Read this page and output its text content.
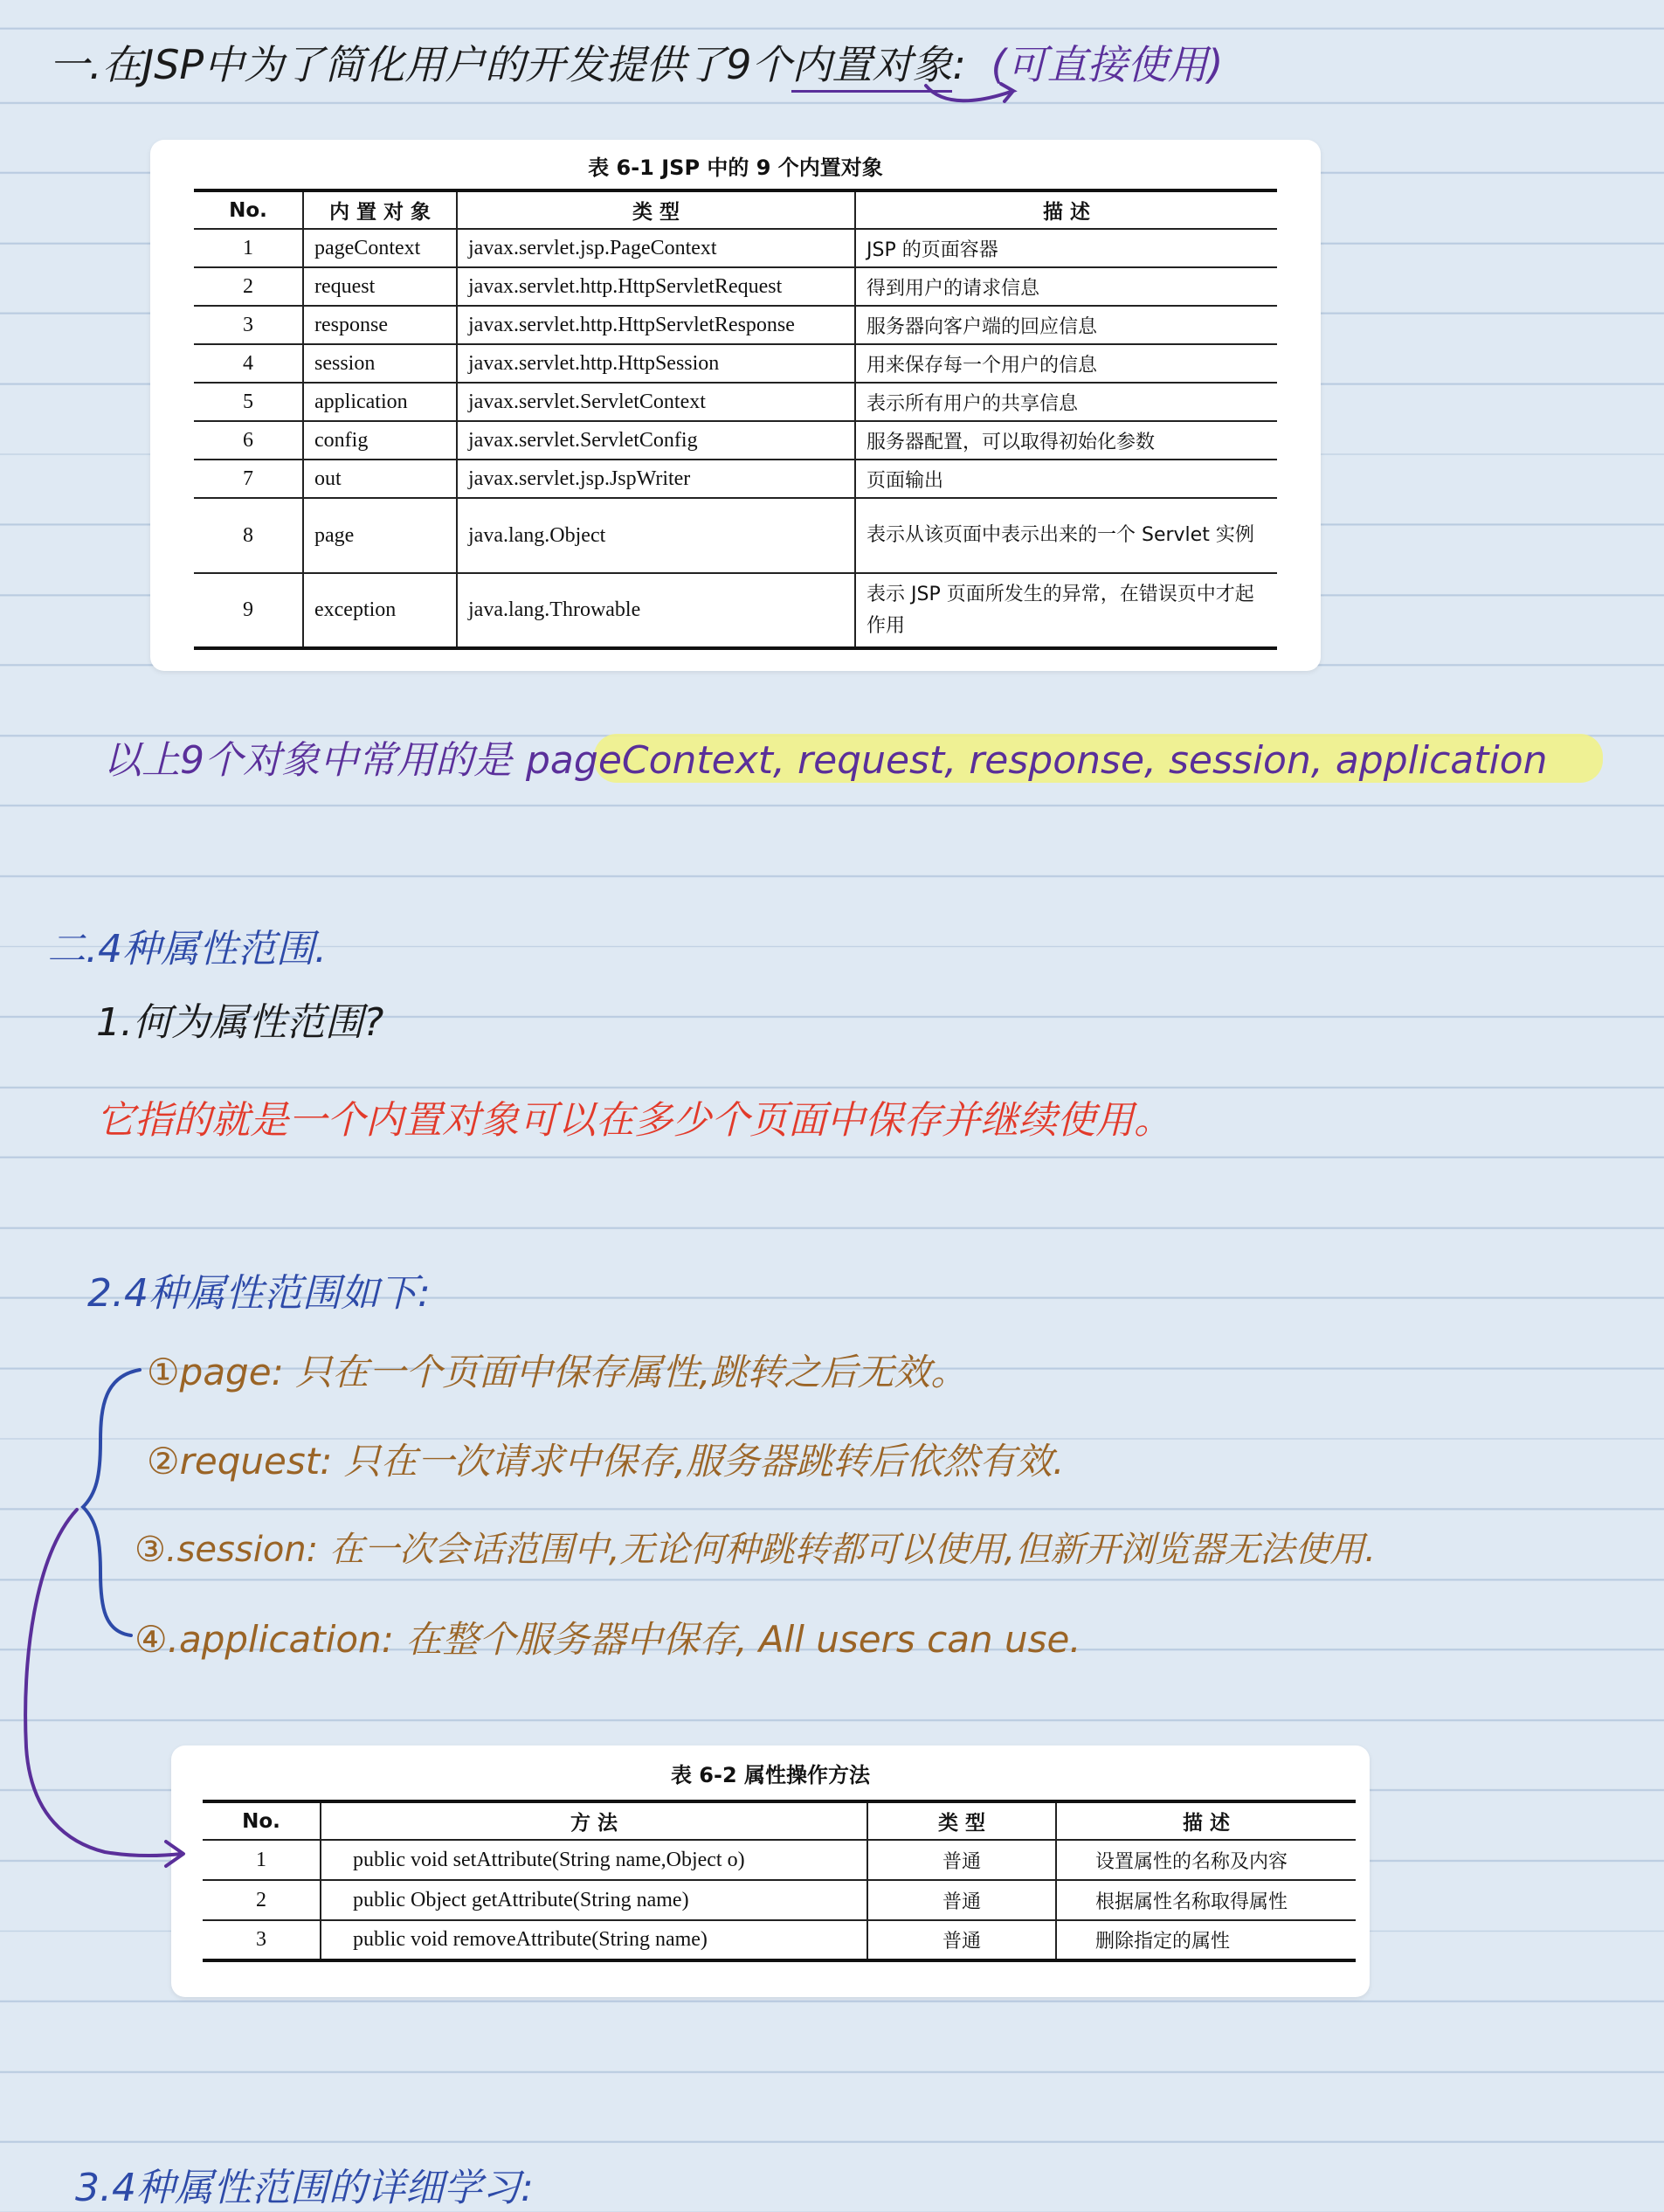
一.在JSP中为了简化用户的开发提供了9个内置对象: (可直接使用)
表 6-1 JSP 中的 9 个内置对象
No.	内 置 对 象	类 型	描 述
1	pageContext	javax.servlet.jsp.PageContext	JSP 的页面容器
2	request	javax.servlet.http.HttpServletRequest	得到用户的请求信息
3	response	javax.servlet.http.HttpServletResponse	服务器向客户端的回应信息
4	session	javax.servlet.http.HttpSession	用来保存每一个用户的信息
5	application	javax.servlet.ServletContext	表示所有用户的共享信息
6	config	javax.servlet.ServletConfig	服务器配置，可以取得初始化参数
7	out	javax.servlet.jsp.JspWriter	页面输出
8	page	java.lang.Object	表示从该页面中表示出来的一个 Servlet 实例
9	exception	java.lang.Throwable	表示 JSP 页面所发生的异常，在错误页中才起作用
以上9个对象中常用的是 pageContext, request, response, session, application
二.4种属性范围.
1.何为属性范围?
它指的就是一个内置对象可以在多少个页面中保存并继续使用。
2.4种属性范围如下:
①page: 只在一个页面中保存属性,跳转之后无效。
②request: 只在一次请求中保存,服务器跳转后依然有效.
③.session: 在一次会话范围中,无论何种跳转都可以使用,但新开浏览器无法使用.
④.application: 在整个服务器中保存, All users can use.
表 6-2 属性操作方法
No.	方 法	类 型	描 述
1	public void setAttribute(String name,Object o)	普通	设置属性的名称及内容
2	public Object getAttribute(String name)	普通	根据属性名称取得属性
3	public void removeAttribute(String name)	普通	删除指定的属性
3.4种属性范围的详细学习:
